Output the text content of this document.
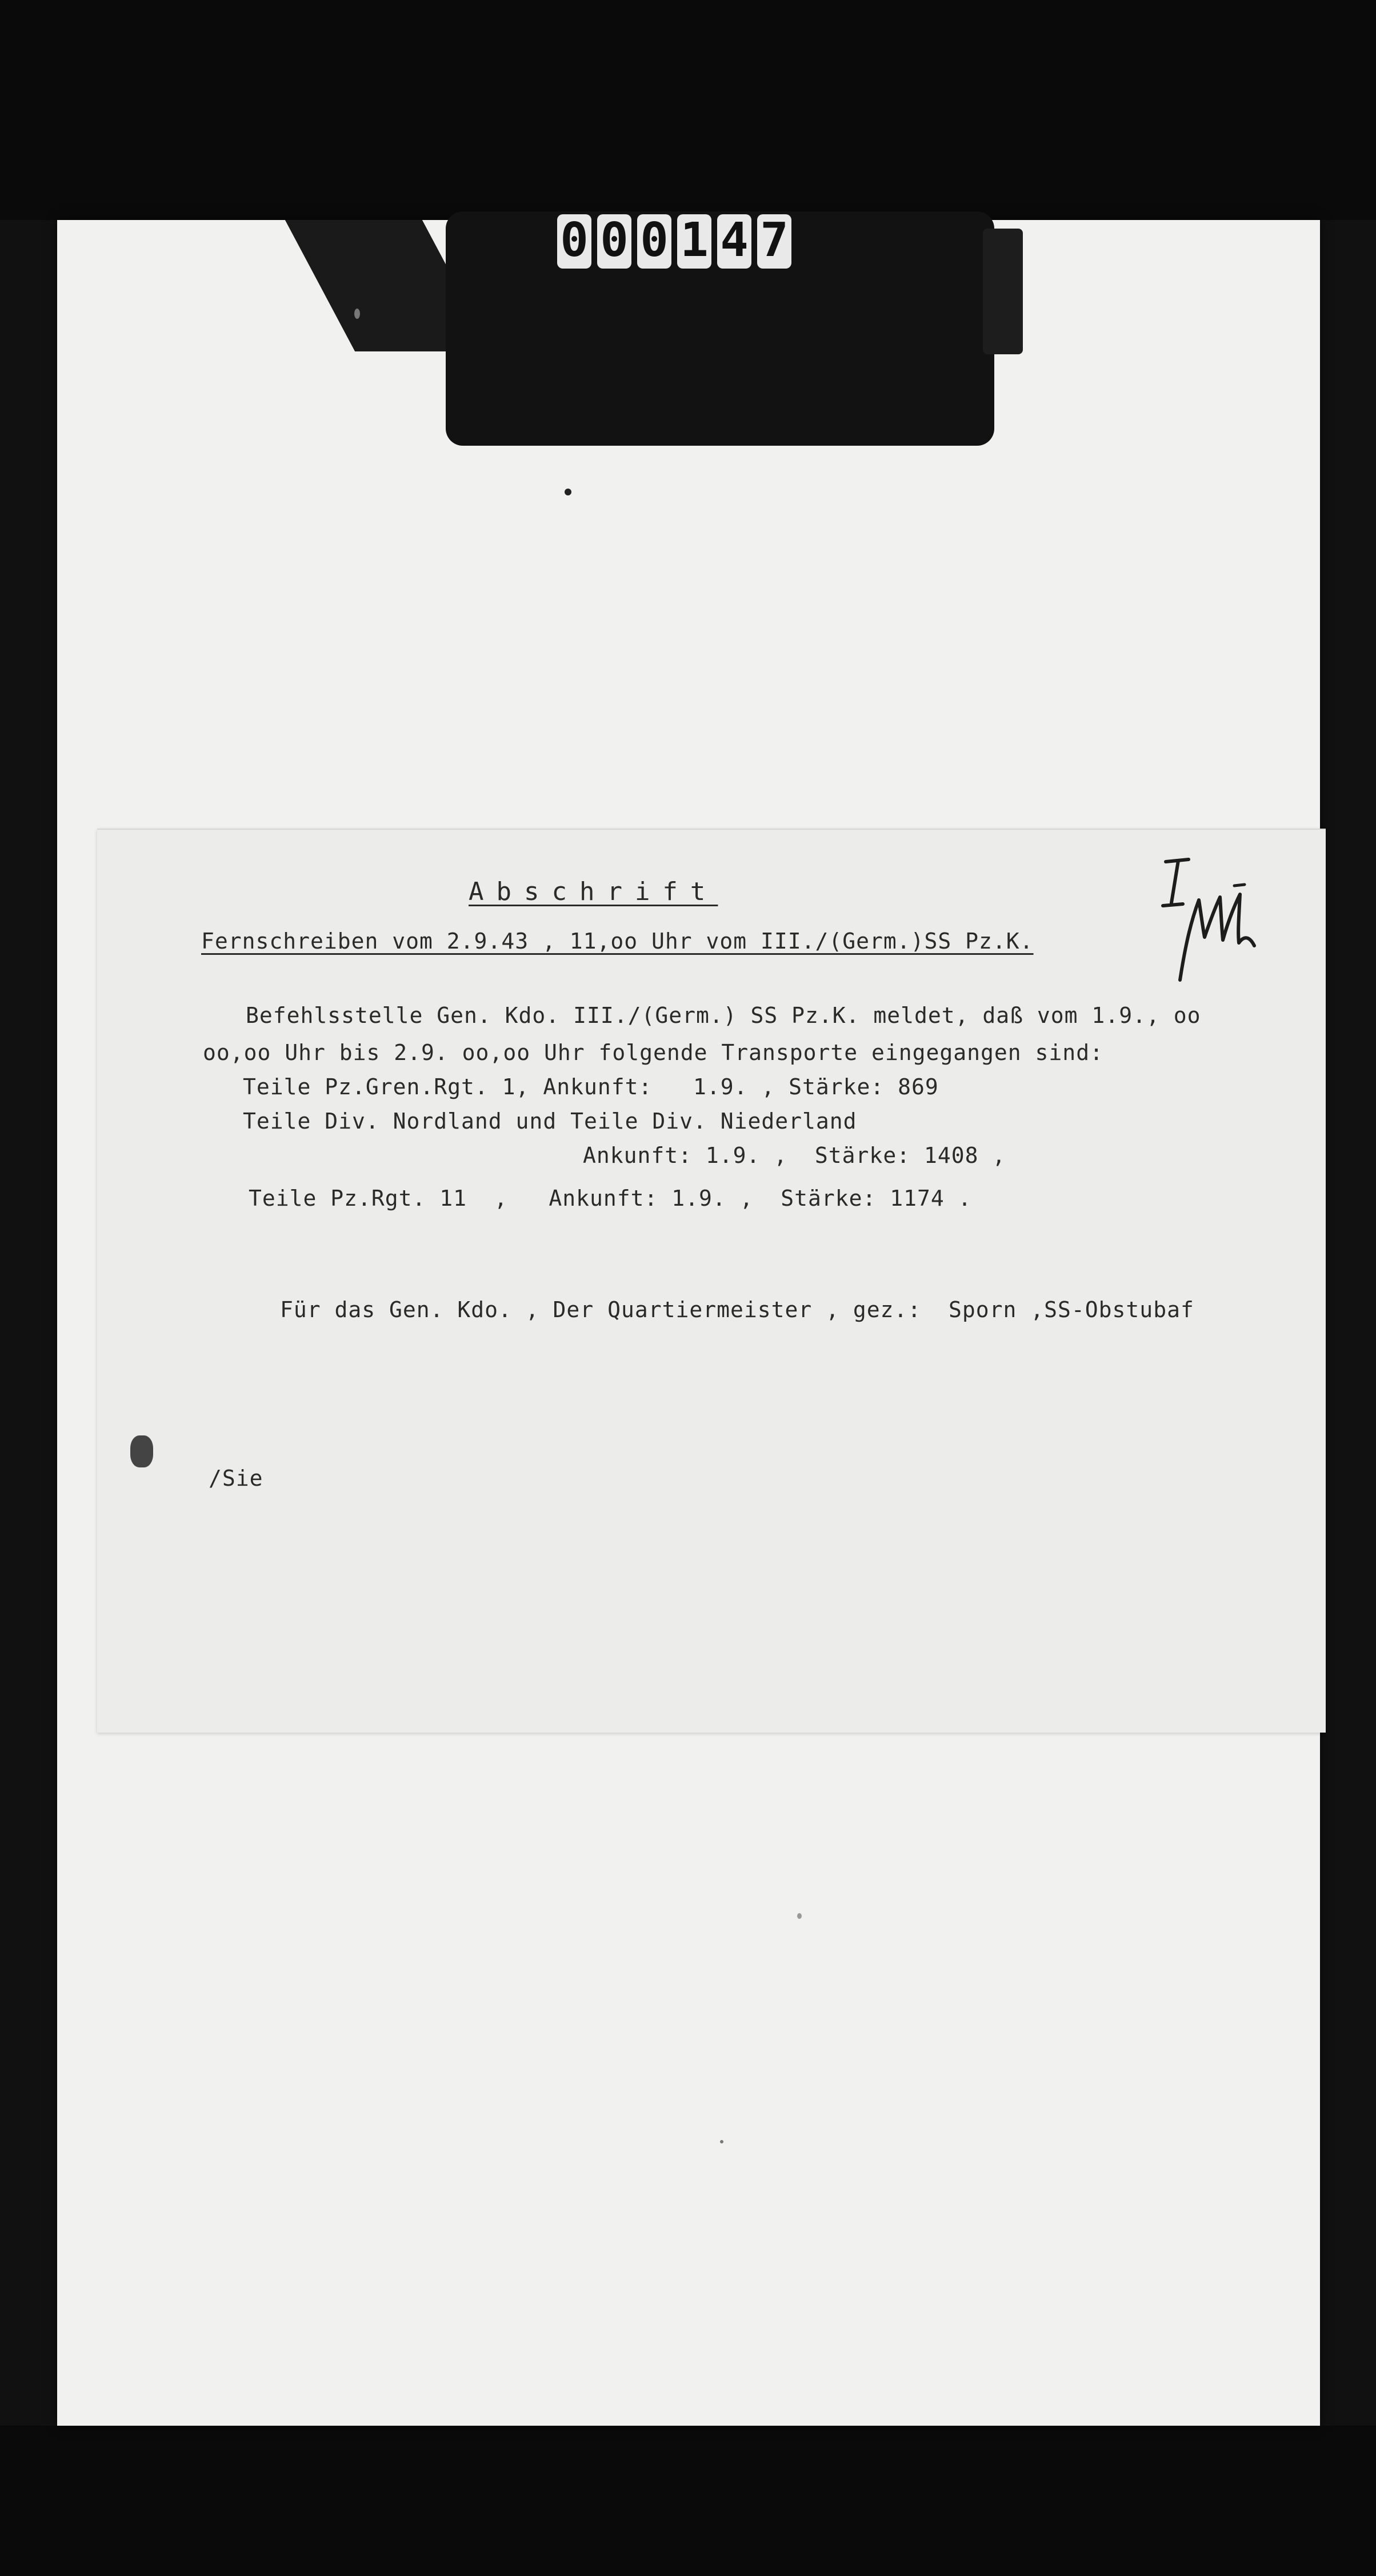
0 0 0 1 4 7
Abschrift
Fernschreiben vom 2.9.43 , 11,oo Uhr vom III./(Germ.)SS Pz.K.
Befehlsstelle Gen. Kdo. III./(Germ.) SS Pz.K. meldet, daß vom 1.9., oo
oo,oo Uhr bis 2.9. oo,oo Uhr folgende Transporte eingegangen sind:
Teile Pz.Gren.Rgt. 1, Ankunft:   1.9. , Stärke: 869
Teile Div. Nordland und Teile Div. Niederland
Ankunft: 1.9. ,  Stärke: 1408 ,
Teile Pz.Rgt. 11  ,   Ankunft: 1.9. ,  Stärke: 1174 .
Für das Gen. Kdo. , Der Quartiermeister , gez.:  Sporn ,SS-Obstubaf
/Sie
